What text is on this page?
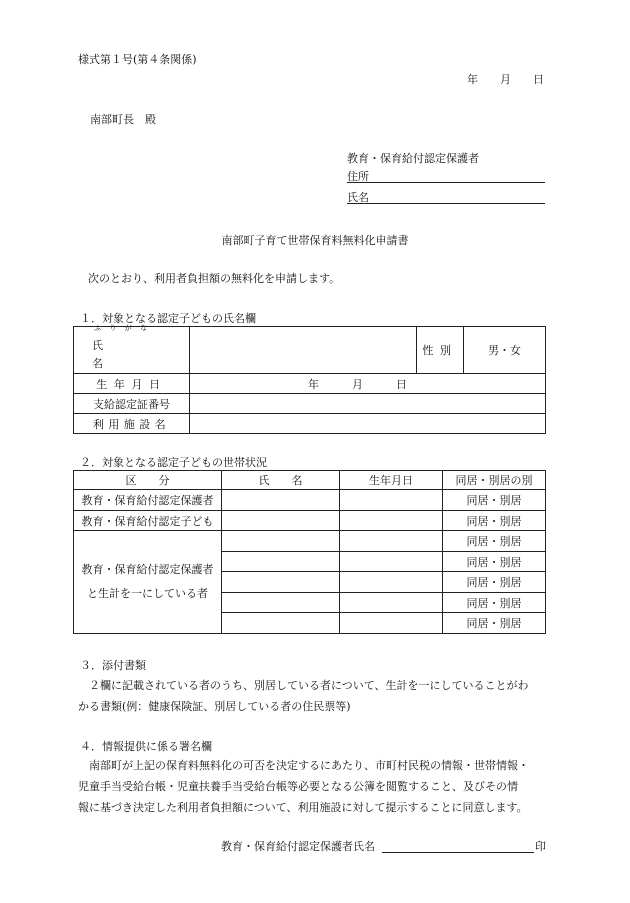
様式第１号(第４条関係)
年　　月　　日
南部町長　殿
教育・保育給付認定保護者
住所
氏名
南部町子育て世帯保育料無料化申請書
次のとおり、利用者負担額の無料化を申請します。
１．対象となる認定子どもの氏名欄
ふりがな
氏名		性別	男・女
生年月日	年　　　月　　　日		
支給認定証番号			
利用施設名			
２．対象となる認定子どもの世帯状況
区　　分	氏　　名	生年月日	同居・別居の別
教育・保育給付認定保護者			同居・別居
教育・保育給付認定子ども			同居・別居

教育・保育給付認定保護者
と生計を一にしている者			同居・別居
			同居・別居
			同居・別居
			同居・別居
			同居・別居
３．添付書類
２欄に記載されている者のうち、別居している者について、生計を一にしていることがわ
かる書類(例：健康保険証、別居している者の住民票等)
４．情報提供に係る署名欄
南部町が上記の保育料無料化の可否を決定するにあたり、市町村民税の情報・世帯情報・
児童手当受給台帳・児童扶養手当受給台帳等必要となる公簿を閲覧すること、及びその情
報に基づき決定した利用者負担額について、利用施設に対して提示することに同意します。
教育・保育給付認定保護者氏名	印
